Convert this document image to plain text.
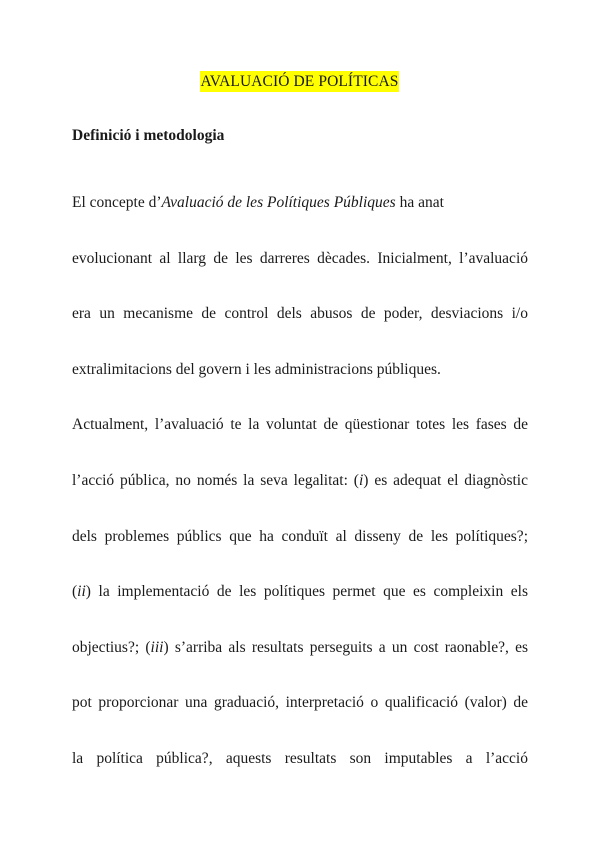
AVALUACIÓ DE POLÍTICAS
Definició i metodologia
El concepte d’Avaluació de les Polítiques Públiques ha anat
evolucionant al llarg de les darreres dècades. Inicialment, l’avaluació
era un mecanisme de control dels abusos de poder, desviacions i/o
extralimitacions del govern i les administracions públiques.
Actualment, l’avaluació te la voluntat de qüestionar totes les fases de
l’acció pública, no només la seva legalitat: (i) es adequat el diagnòstic
dels problemes públics que ha conduït al disseny de les polítiques?;
(ii) la implementació de les polítiques permet que es compleixin els
objectius?; (iii) s’arriba als resultats perseguits a un cost raonable?, es
pot proporcionar una graduació, interpretació o qualificació (valor) de
la política pública?, aquests resultats son imputables a l’acció
